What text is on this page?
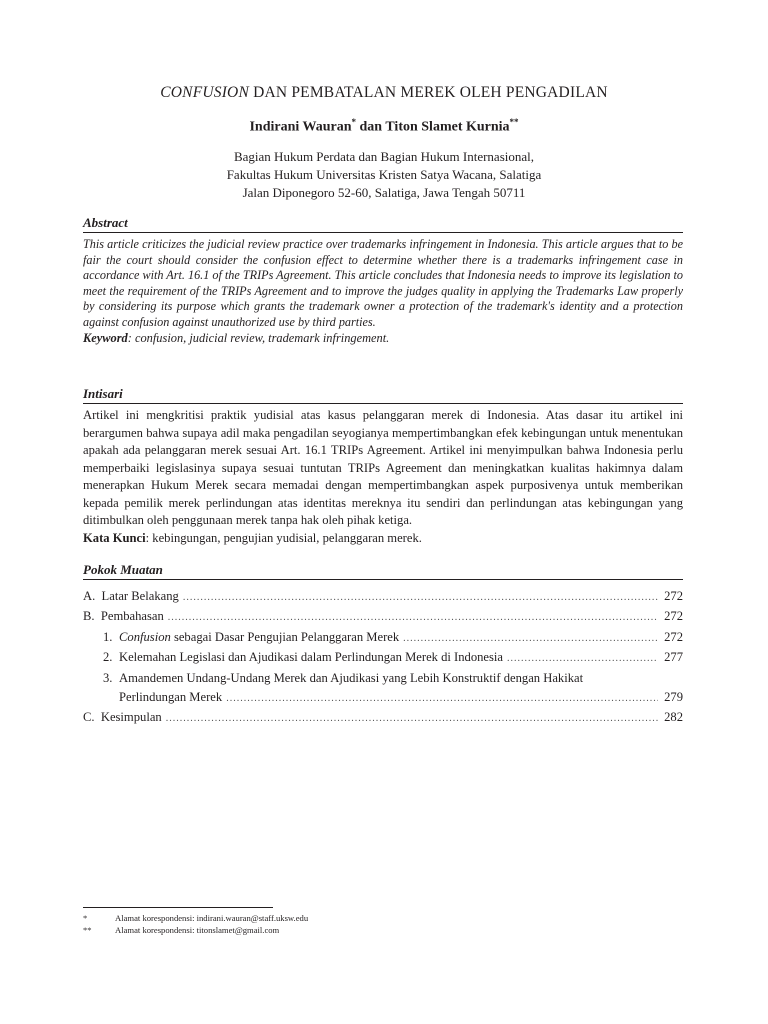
CONFUSION DAN PEMBATALAN MEREK OLEH PENGADILAN

Indirani Wauran* dan Titon Slamet Kurnia**

Bagian Hukum Perdata dan Bagian Hukum Internasional,
Fakultas Hukum Universitas Kristen Satya Wacana, Salatiga
Jalan Diponegoro 52-60, Salatiga, Jawa Tengah 50711
Abstract

This article criticizes the judicial review practice over trademarks infringement in Indonesia. This article argues that to be fair the court should consider the confusion effect to determine whether there is a trademarks infringement case in accordance with Art. 16.1 of the TRIPs Agreement. This article concludes that Indonesia needs to improve its legislation to meet the requirement of the TRIPs Agreement and to improve the judges quality in applying the Trademarks Law properly by considering its purpose which grants the trademark owner a protection of the trademark's identity and a protection against confusion against unauthorized use by third parties.

Keyword: confusion, judicial review, trademark infringement.

Intisari

Artikel ini mengkritisi praktik yudisial atas kasus pelanggaran merek di Indonesia. Atas dasar itu artikel ini berargumen bahwa supaya adil maka pengadilan seyogianya mempertimbangkan efek kebingungan untuk menentukan apakah ada pelanggaran merek sesuai Art. 16.1 TRIPs Agreement. Artikel ini menyimpulkan bahwa Indonesia perlu memperbaiki legislasinya supaya sesuai tuntutan TRIPs Agreement dan meningkatkan kualitas hakimnya dalam menerapkan Hukum Merek secara memadai dengan mempertimbangkan aspek purposivenya untuk memberikan kepada pemilik merek perlindungan atas identitas mereknya itu sendiri dan perlindungan atas kebingungan yang ditimbulkan oleh penggunaan merek tanpa hak oleh pihak ketiga.

Kata Kunci: kebingungan, pengujian yudisial, pelanggaran merek.

Pokok Muatan
A.  Latar Belakang .....	272
B.  Pembahasan .....	272
1. Confusion sebagai Dasar Pengujian Pelanggaran Merek .....	272
2. Kelemahan Legislasi dan Ajudikasi dalam Perlindungan Merek di Indonesia .....	277
3. Amandemen Undang-Undang Merek dan Ajudikasi yang Lebih Konstruktif dengan Hakikat
Perlindungan Merek .....	279
C.  Kesimpulan .....	282
*	Alamat korespondensi: indirani.wauran@staff.uksw.edu
**	Alamat korespondensi: titonslamet@gmail.com
